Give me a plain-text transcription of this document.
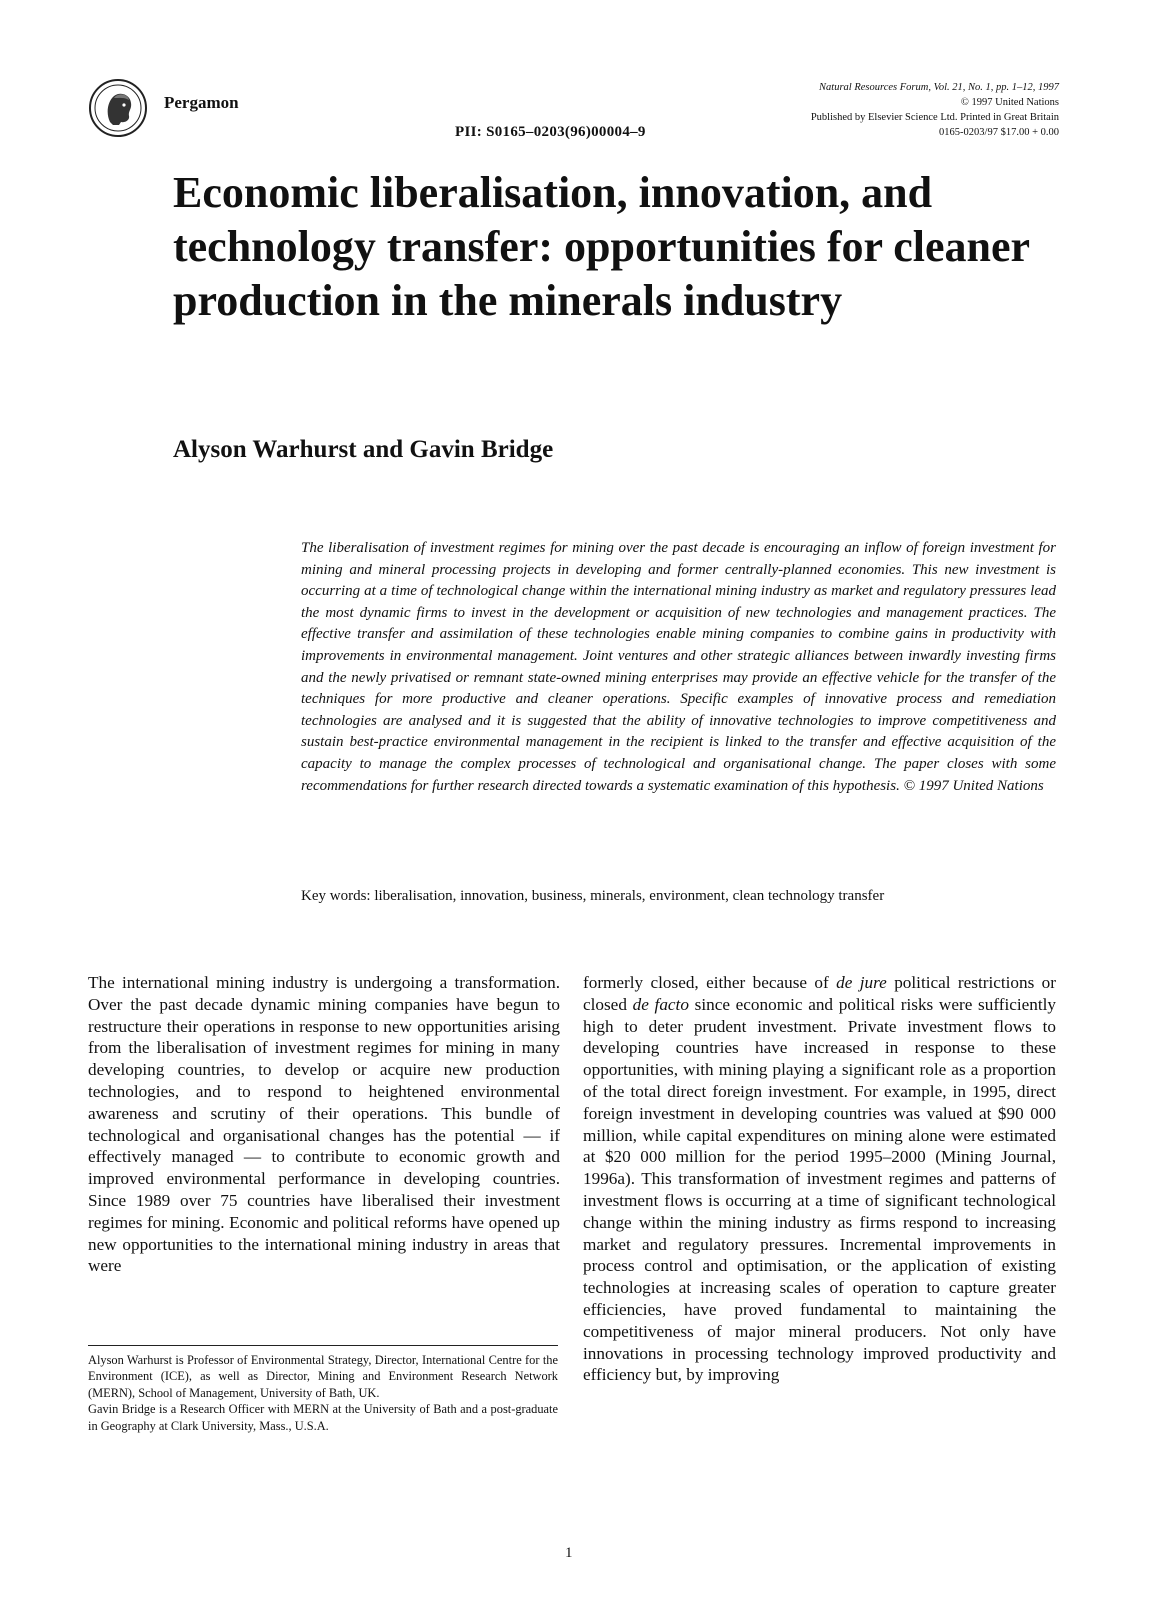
Pergamon
PII: S0165–0203(96)00004–9
Natural Resources Forum, Vol. 21, No. 1, pp. 1–12, 1997
© 1997 United Nations
Published by Elsevier Science Ltd. Printed in Great Britain
0165-0203/97 $17.00 + 0.00
Economic liberalisation, innovation, and technology transfer: opportunities for cleaner production in the minerals industry
Alyson Warhurst and Gavin Bridge

The liberalisation of investment regimes for mining over the past decade is encouraging an inflow of foreign investment for mining and mineral processing projects in developing and former centrally-planned economies. This new investment is occurring at a time of technological change within the international mining industry as market and regulatory pressures lead the most dynamic firms to invest in the development or acquisition of new technologies and management practices. The effective transfer and assimilation of these technologies enable mining companies to combine gains in productivity with improvements in environmental management. Joint ventures and other strategic alliances between inwardly investing firms and the newly privatised or remnant state-owned mining enterprises may provide an effective vehicle for the transfer of the techniques for more productive and cleaner operations. Specific examples of innovative process and remediation technologies are analysed and it is suggested that the ability of innovative technologies to improve competitiveness and sustain best-practice environmental management in the recipient is linked to the transfer and effective acquisition of the capacity to manage the complex processes of technological and organisational change. The paper closes with some recommendations for further research directed towards a systematic examination of this hypothesis. © 1997 United Nations

Key words: liberalisation, innovation, business, minerals, environment, clean technology transfer

The international mining industry is undergoing a transformation. Over the past decade dynamic mining companies have begun to restructure their operations in response to new opportunities arising from the liberalisation of investment regimes for mining in many developing countries, to develop or acquire new production technologies, and to respond to heightened environmental awareness and scrutiny of their operations. This bundle of technological and organisational changes has the potential — if effectively managed — to contribute to economic growth and improved environmental performance in developing countries. Since 1989 over 75 countries have liberalised their investment regimes for mining. Economic and political reforms have opened up new opportunities to the international mining industry in areas that were

formerly closed, either because of de jure political restrictions or closed de facto since economic and political risks were sufficiently high to deter prudent investment. Private investment flows to developing countries have increased in response to these opportunities, with mining playing a significant role as a proportion of the total direct foreign investment. For example, in 1995, direct foreign investment in developing countries was valued at $90 000 million, while capital expenditures on mining alone were estimated at $20 000 million for the period 1995–2000 (Mining Journal, 1996a). This transformation of investment regimes and patterns of investment flows is occurring at a time of significant technological change within the mining industry as firms respond to increasing market and regulatory pressures. Incremental improvements in process control and optimisation, or the application of existing technologies at increasing scales of operation to capture greater efficiencies, have proved fundamental to maintaining the competitiveness of major mineral producers. Not only have innovations in processing technology improved productivity and efficiency but, by improving

Alyson Warhurst is Professor of Environmental Strategy, Director, International Centre for the Environment (ICE), as well as Director, Mining and Environment Research Network (MERN), School of Management, University of Bath, UK.

Gavin Bridge is a Research Officer with MERN at the University of Bath and a post-graduate in Geography at Clark University, Mass., U.S.A.

1
